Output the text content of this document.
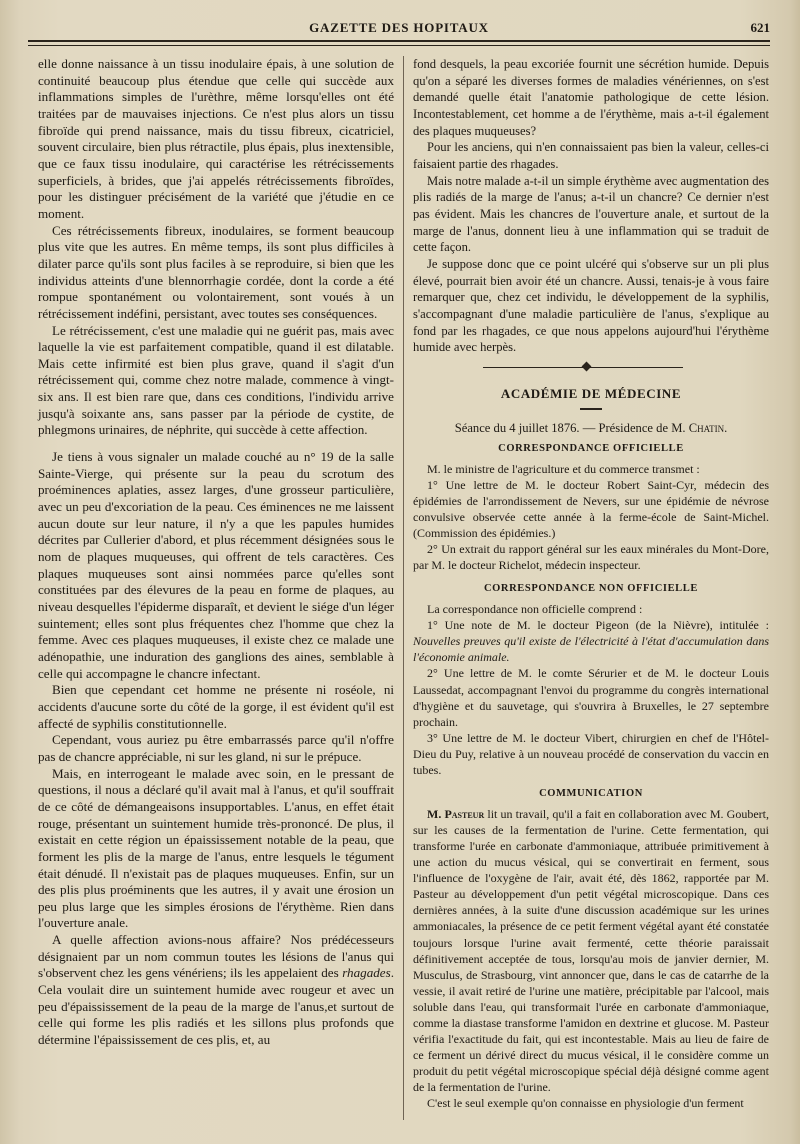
GAZETTE DES HOPITAUX	621

elle donne naissance à un tissu inodulaire épais, à une solution de continuité beaucoup plus étendue que celle qui succède aux inflammations simples de l'urèthre, même lorsqu'elles ont été traitées par de mauvaises injections. Ce n'est plus alors un tissu fibroïde qui prend naissance, mais du tissu fibreux, cicatriciel, souvent circulaire, bien plus rétractile, plus épais, plus inextensible, que ce faux tissu inodulaire, qui caractérise les rétrécissements superficiels, à brides, que j'ai appelés rétrécissements fibroïdes, pour les distinguer précisément de la variété que j'étudie en ce moment.

Ces rétrécissements fibreux, inodulaires, se forment beaucoup plus vite que les autres. En même temps, ils sont plus difficiles à dilater parce qu'ils sont plus faciles à se reproduire, si bien que les individus atteints d'une blennorrhagie cordée, dont la corde a été rompue spontanément ou volontairement, sont voués à un rétrécissement indéfini, persistant, avec toutes ses conséquences.

Le rétrécissement, c'est une maladie qui ne guérit pas, mais avec laquelle la vie est parfaitement compatible, quand il est dilatable. Mais cette infirmité est bien plus grave, quand il s'agit d'un rétrécissement qui, comme chez notre malade, commence à vingt-six ans. Il est bien rare que, dans ces conditions, l'individu arrive jusqu'à soixante ans, sans passer par la période de cystite, de phlegmons urinaires, de néphrite, qui succède à cette affection.

Je tiens à vous signaler un malade couché au n° 19 de la salle Sainte-Vierge, qui présente sur la peau du scrotum des proéminences aplaties, assez larges, d'une grosseur particulière, avec un peu d'excoriation de la peau. Ces éminences ne me laissent aucun doute sur leur nature, il n'y a que les papules humides décrites par Cullerier d'abord, et plus récemment désignées sous le nom de plaques muqueuses, qui offrent de tels caractères. Ces plaques muqueuses sont ainsi nommées parce qu'elles sont constituées par des élevures de la peau en forme de plaques, au niveau desquelles l'épiderme disparaît, et devient le siége d'un léger suintement; elles sont plus fréquentes chez l'homme que chez la femme. Avec ces plaques muqueuses, il existe chez ce malade une adénopathie, une induration des ganglions des aines, semblable à celle qui accompagne le chancre infectant.

Bien que cependant cet homme ne présente ni roséole, ni accidents d'aucune sorte du côté de la gorge, il est évident qu'il est affecté de syphilis constitutionnelle.

Cependant, vous auriez pu être embarrassés parce qu'il n'offre pas de chancre appréciable, ni sur les gland, ni sur le prépuce.

Mais, en interrogeant le malade avec soin, en le pressant de questions, il nous a déclaré qu'il avait mal à l'anus, et qu'il souffrait de ce côté de démangeaisons insupportables. L'anus, en effet était rouge, présentant un suintement humide très-prononcé. De plus, il existait en cette région un épaississement notable de la peau, que forment les plis de la marge de l'anus, entre lesquels le tégument était dénudé. Il n'existait pas de plaques muqueuses. Enfin, sur un des plis plus proéminents que les autres, il y avait une érosion un peu plus large que les simples érosions de l'érythème. Rien dans l'ouverture anale.

A quelle affection avions-nous affaire? Nos prédécesseurs désignaient par un nom commun toutes les lésions de l'anus qui s'observent chez les gens vénériens; ils les appelaient des rhagades. Cela voulait dire un suintement humide avec rougeur et avec un peu d'épaississement de la peau de la marge de l'anus,et surtout de celle qui forme les plis radiés et les sillons plus profonds que détermine l'épaississement de ces plis, et, au

fond desquels, la peau excoriée fournit une sécrétion humide. Depuis qu'on a séparé les diverses formes de maladies vénériennes, on s'est demandé quelle était l'anatomie pathologique de cette lésion. Incontestablement, cet homme a de l'érythème, mais a-t-il également des plaques muqueuses?

Pour les anciens, qui n'en connaissaient pas bien la valeur, celles-ci faisaient partie des rhagades.

Mais notre malade a-t-il un simple érythème avec augmentation des plis radiés de la marge de l'anus; a-t-il un chancre? Ce dernier n'est pas évident. Mais les chancres de l'ouverture anale, et surtout de la marge de l'anus, donnent lieu à une inflammation qui se traduit de cette façon.

Je suppose donc que ce point ulcéré qui s'observe sur un pli plus élevé, pourrait bien avoir été un chancre. Aussi, tenais-je à vous faire remarquer que, chez cet individu, le développement de la syphilis, s'accompagnant d'une maladie particulière de l'anus, s'explique au fond par les rhagades, ce que nous appelons aujourd'hui l'érythème humide avec herpès.

ACADÉMIE DE MÉDECINE
Séance du 4 juillet 1876. — Présidence de M. Chatin.
CORRESPONDANCE OFFICIELLE

M. le ministre de l'agriculture et du commerce transmet :

1° Une lettre de M. le docteur Robert Saint-Cyr, médecin des épidémies de l'arrondissement de Nevers, sur une épidémie de névrose convulsive observée cette année à la ferme-école de Saint-Michel. (Commission des épidémies.)

2° Un extrait du rapport général sur les eaux minérales du Mont-Dore, par M. le docteur Richelot, médecin inspecteur.

CORRESPONDANCE NON OFFICIELLE

La correspondance non officielle comprend :

1° Une note de M. le docteur Pigeon (de la Nièvre), intitulée : Nouvelles preuves qu'il existe de l'électricité à l'état d'accumulation dans l'économie animale.

2° Une lettre de M. le comte Sérurier et de M. le docteur Louis Laussedat, accompagnant l'envoi du programme du congrès international d'hygiène et du sauvetage, qui s'ouvrira à Bruxelles, le 27 septembre prochain.

3° Une lettre de M. le docteur Vibert, chirurgien en chef de l'Hôtel-Dieu du Puy, relative à un nouveau procédé de conservation du vaccin en tubes.

COMMUNICATION

M. Pasteur lit un travail, qu'il a fait en collaboration avec M. Goubert, sur les causes de la fermentation de l'urine. Cette fermentation, qui transforme l'urée en carbonate d'ammoniaque, attribuée primitivement à une action du mucus vésical, qui se convertirait en ferment, sous l'influence de l'oxygène de l'air, avait été, dès 1862, rapportée par M. Pasteur au développement d'un petit végétal microscopique. Dans ces dernières années, à la suite d'une discussion académique sur les urines ammoniacales, la présence de ce petit ferment végétal ayant été constatée toujours lorsque l'urine avait fermenté, cette théorie paraissait définitivement acceptée de tous, lorsqu'au mois de janvier dernier, M. Musculus, de Strasbourg, vint annoncer que, dans le cas de catarrhe de la vessie, il avait retiré de l'urine une matière, précipitable par l'alcool, mais soluble dans l'eau, qui transformait l'urée en carbonate d'ammoniaque, comme la diastase transforme l'amidon en dextrine et glucose. M. Pasteur vérifia l'exactitude du fait, qui est incontestable. Mais au lieu de faire de ce ferment un dérivé direct du mucus vésical, il le considère comme un produit du petit végétal microscopique spécial déjà désigné comme agent de la fermentation de l'urine.

C'est le seul exemple qu'on connaisse en physiologie d'un ferment
